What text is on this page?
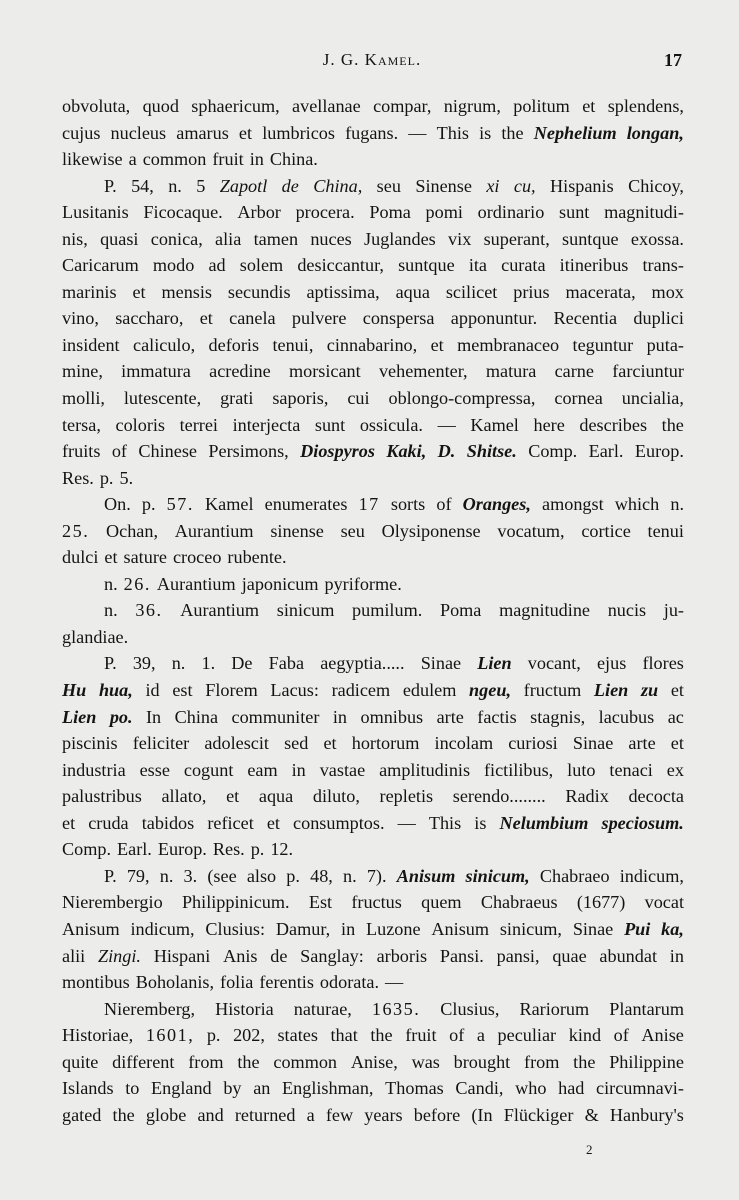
J. G. Kamel.	17
obvoluta, quod sphaericum, avellanae compar, nigrum, politum et splendens,
cujus nucleus amarus et lumbricos fugans. — This is the Nephelium longan,
likewise a common fruit in China.
P. 54, n. 5 Zapotl de China, seu Sinense xi cu, Hispanis Chicoy,
Lusitanis Ficocaque. Arbor procera. Poma pomi ordinario sunt magnitudi-
nis, quasi conica, alia tamen nuces Juglandes vix superant, suntque exossa.
Caricarum modo ad solem desiccantur, suntque ita curata itineribus trans-
marinis et mensis secundis aptissima, aqua scilicet prius macerata, mox
vino, saccharo, et canela pulvere conspersa apponuntur. Recentia duplici
insident caliculo, deforis tenui, cinnabarino, et membranaceo teguntur puta-
mine, immatura acredine morsicant vehementer, matura carne farciuntur
molli, lutescente, grati saporis, cui oblongo-compressa, cornea uncialia,
tersa, coloris terrei interjecta sunt ossicula. — Kamel here describes the
fruits of Chinese Persimons, Diospyros Kaki, D. Shitse. Comp. Earl. Europ.
Res. p. 5.
On. p. 57. Kamel enumerates 17 sorts of Oranges, amongst which n.
25. Ochan, Aurantium sinense seu Olysiponense vocatum, cortice tenui
dulci et sature croceo rubente.
n. 26. Aurantium japonicum pyriforme.
n. 36. Aurantium sinicum pumilum. Poma magnitudine nucis ju-
glandiae.
P. 39, n. 1. De Faba aegyptia..... Sinae Lien vocant, ejus flores
Hu hua, id est Florem Lacus: radicem edulem ngeu, fructum Lien zu et
Lien po. In China communiter in omnibus arte factis stagnis, lacubus ac
piscinis feliciter adolescit sed et hortorum incolam curiosi Sinae arte et
industria esse cogunt eam in vastae amplitudinis fictilibus, luto tenaci ex
palustribus allato, et aqua diluto, repletis serendo........ Radix decocta
et cruda tabidos reficet et consumptos. — This is Nelumbium speciosum.
Comp. Earl. Europ. Res. p. 12.
P. 79, n. 3. (see also p. 48, n. 7). Anisum sinicum, Chabraeo indicum,
Nierembergio Philippinicum. Est fructus quem Chabraeus (1677) vocat
Anisum indicum, Clusius: Damur, in Luzone Anisum sinicum, Sinae Pui ka,
alii Zingi. Hispani Anis de Sanglay: arboris Pansi. pansi, quae abundat in
montibus Boholanis, folia ferentis odorata. —
Nieremberg, Historia naturae, 1635. Clusius, Rariorum Plantarum
Historiae, 1601, p. 202, states that the fruit of a peculiar kind of Anise
quite different from the common Anise, was brought from the Philippine
Islands to England by an Englishman, Thomas Candi, who had circumnavi-
gated the globe and returned a few years before (In Flückiger & Hanbury's
2
